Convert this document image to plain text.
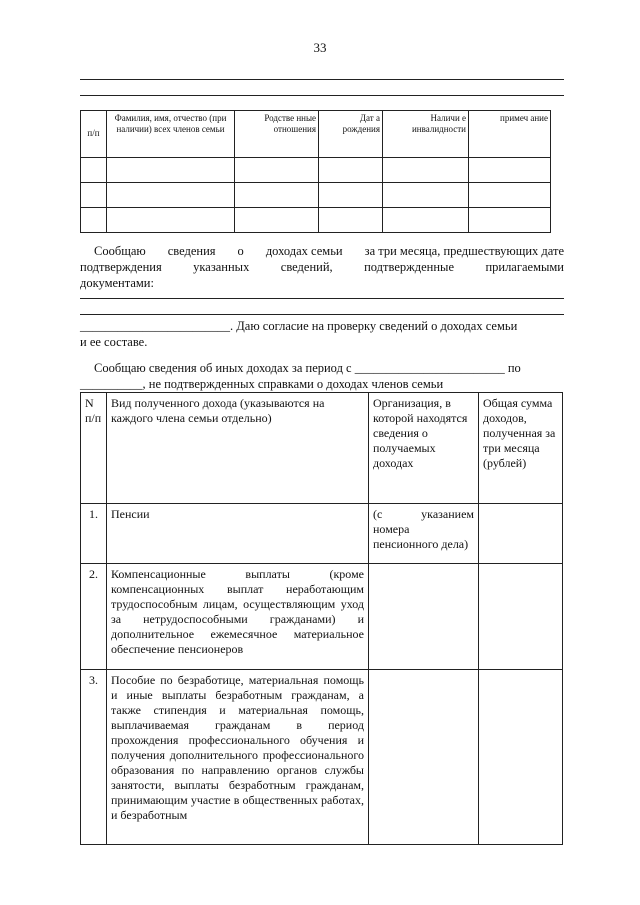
33
п/п	Фамилия, имя, отчество (при наличии) всех членов семьи	Родстве нные отношения	Дат а рождения	Наличи е инвалидности	примеч ание

Сообщаю сведения о доходах семьи за три месяца, предшествующих дате
подтверждения	указанных	сведений,	подтвержденные	прилагаемыми
документами:
________________________. Даю согласие на проверку сведений о доходах семьи
и ее составе.
Сообщаю сведения об иных доходах за период с ________________________ по
__________, не подтвержденных справками о доходах членов семьи
N п/п	Вид полученного дохода (указываются на каждого члена семьи отдельно)	Организация, в которой находятся сведения о получаемых доходах	Общая сумма доходов, полученная за три месяца (рублей)
1.	Пенсии	(с указанием номера пенсионного дела)	
2.	Компенсационные выплаты (кроме компенсационных выплат неработающим трудоспособным лицам, осуществляющим уход за нетрудоспособными гражданами) и дополнительное ежемесячное материальное обеспечение пенсионеров		
3.	Пособие по безработице, материальная помощь и иные выплаты безработным гражданам, а также стипендия и материальная помощь, выплачиваемая гражданам в период прохождения профессионального обучения и получения дополнительного профессионального образования по направлению органов службы занятости, выплаты безработным гражданам, принимающим участие в общественных работах, и безработным		
